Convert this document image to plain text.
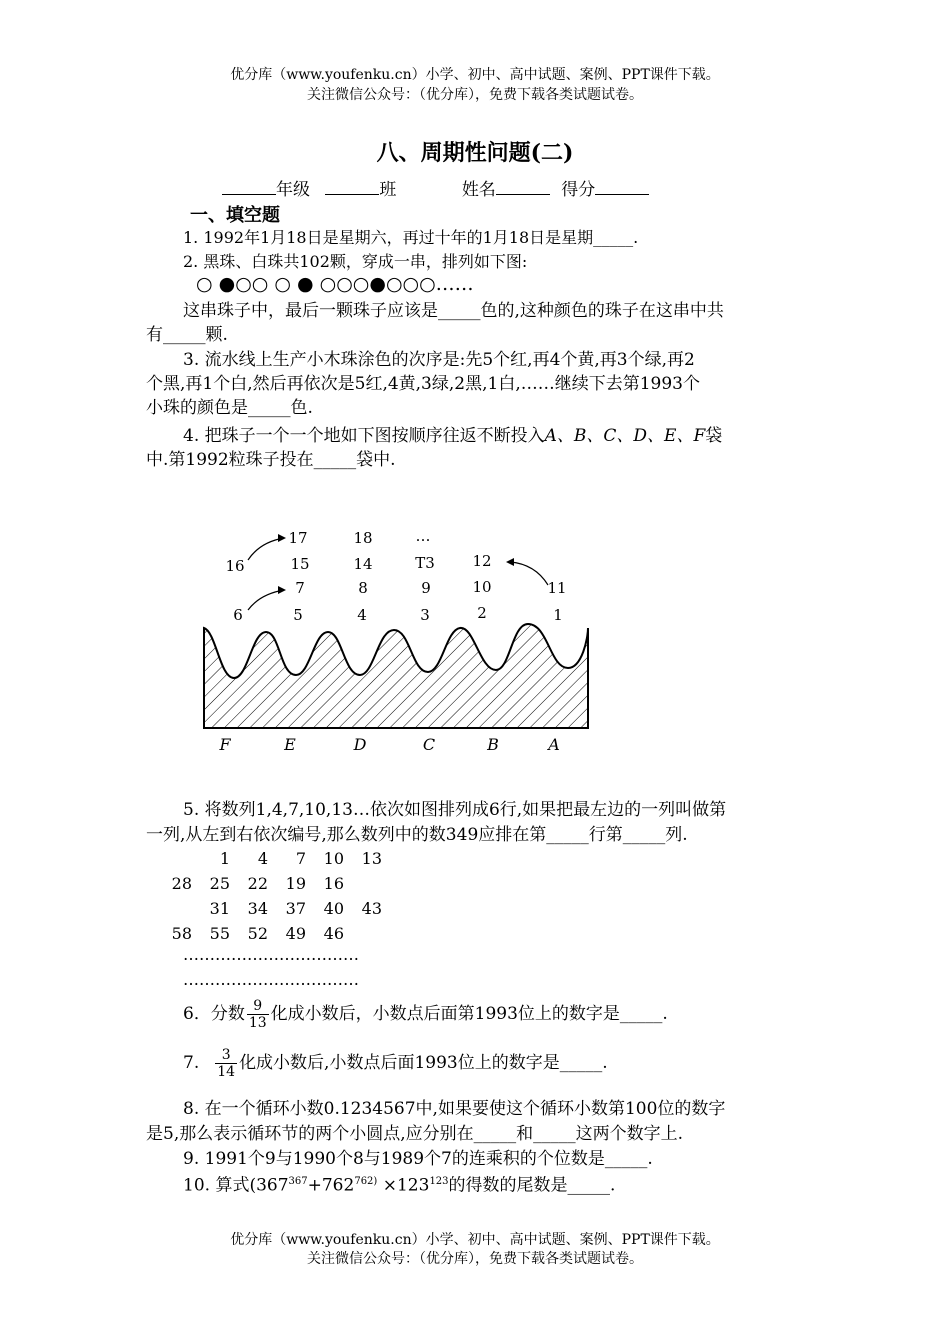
优分库（www.youfenku.cn）小学、初中、高中试题、案例、PPT课件下载。
关注微信公众号：（优分库），免费下载各类试题试卷。
八、周期性问题(二)
年级	班	姓名	得分
一、填空题
1. 1992年1月18日是星期六，再过十年的1月18日是星期_____.
2. 黑珠、白珠共102颗，穿成一串，排列如下图:
○ ●○○ ○ ● ○○○●○○○……
这串珠子中，最后一颗珠子应该是_____色的,这种颜色的珠子在这串中共
有_____颗.
3. 流水线上生产小木珠涂色的次序是:先5个红,再4个黄,再3个绿,再2
个黑,再1个白,然后再依次是5红,4黄,3绿,2黑,1白,……继续下去第1993个
小珠的颜色是_____色.
4. 把珠子一个一个地如下图按顺序往返不断投入A、B、C、D、E、F袋
中.第1992粒珠子投在_____袋中.
F	E	D	C	B	A
6	5	4	3	2	1
7	8	9	10
16	15	14	T3	12
11
17	18	…
5. 将数列1,4,7,10,13…依次如图排列成6行,如果把最左边的一列叫做第
一列,从左到右依次编号,那么数列中的数349应排在第_____行第_____列.
1	4	7	10	13
28	25	22	19	16
31	34	37	40	43
58	55	52	49	46
……………………………
……………………………
6．分数 $\frac{9}{13}$ 化成小数后，小数点后面第1993位上的数字是_____.
7. $\frac{3}{14}$ 化成小数后,小数点后面1993位上的数字是_____.
8. 在一个循环小数0.1234567中,如果要使这个循环小数第100位的数字
是5,那么表示循环节的两个小圆点,应分别在_____和_____这两个数字上.
9. 1991个9与1990个8与1989个7的连乘积的个位数是_____.
10. 算式($367^{367}+762^{762)} \times 123^{123}$的得数的尾数是_____.
优分库（www.youfenku.cn）小学、初中、高中试题、案例、PPT课件下载。
关注微信公众号：（优分库），免费下载各类试题试卷。
